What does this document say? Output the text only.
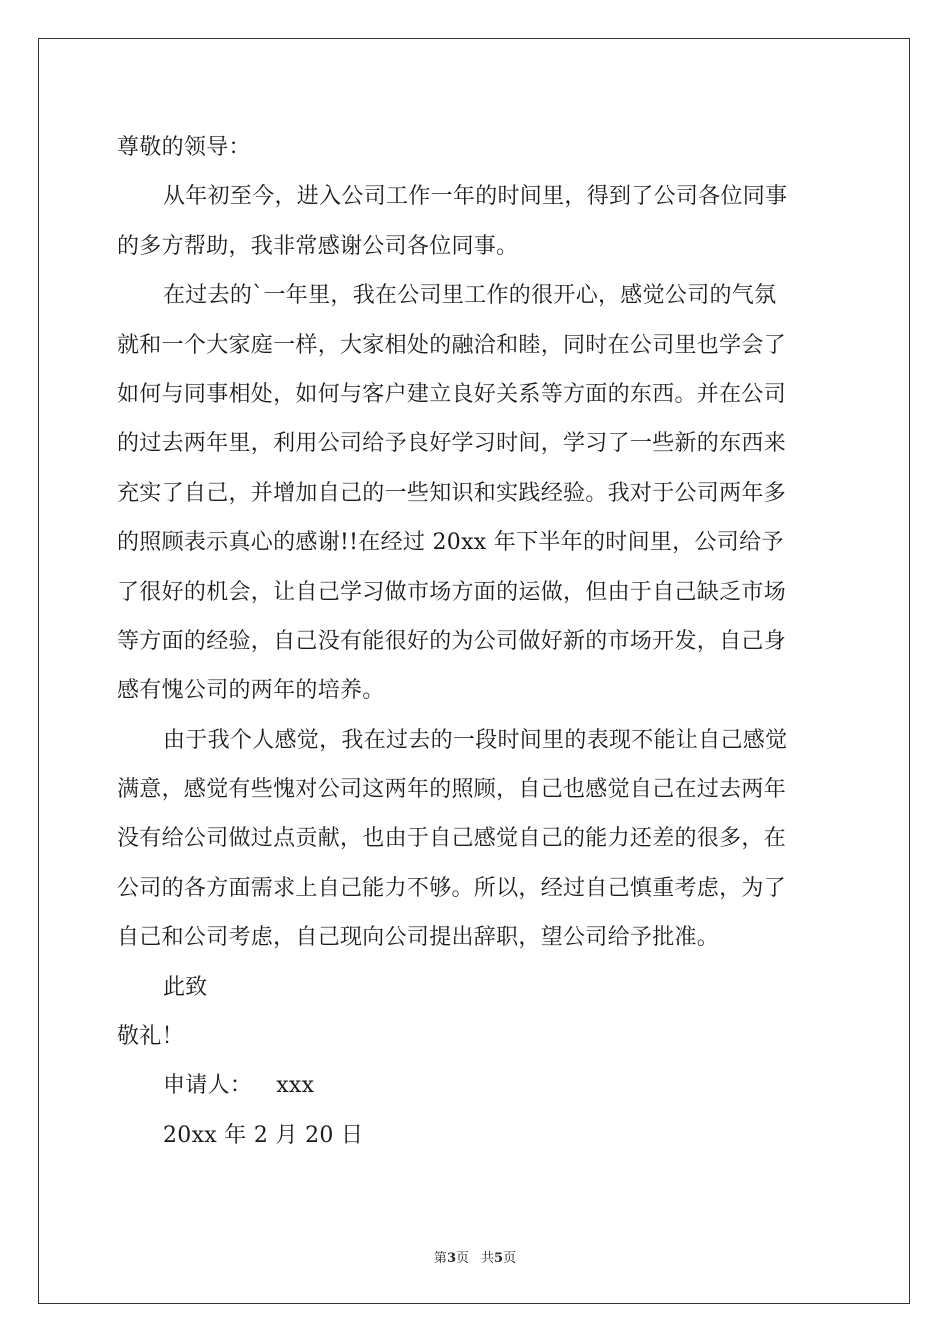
尊敬的领导：
从年初至今，进入公司工作一年的时间里，得到了公司各位同事
的多方帮助，我非常感谢公司各位同事。
在过去的`一年里，我在公司里工作的很开心，感觉公司的气氛
就和一个大家庭一样，大家相处的融洽和睦，同时在公司里也学会了
如何与同事相处，如何与客户建立良好关系等方面的东西。并在公司
的过去两年里，利用公司给予良好学习时间，学习了一些新的东西来
充实了自己，并增加自己的一些知识和实践经验。我对于公司两年多
的照顾表示真心的感谢!!在经过 20xx 年下半年的时间里，公司给予
了很好的机会，让自己学习做市场方面的运做，但由于自己缺乏市场
等方面的经验，自己没有能很好的为公司做好新的市场开发，自己身
感有愧公司的两年的培养。
由于我个人感觉，我在过去的一段时间里的表现不能让自己感觉
满意，感觉有些愧对公司这两年的照顾，自己也感觉自己在过去两年
没有给公司做过点贡献，也由于自己感觉自己的能力还差的很多，在
公司的各方面需求上自己能力不够。所以，经过自己慎重考虑，为了
自己和公司考虑，自己现向公司提出辞职，望公司给予批准。
此致
敬礼！
申请人： xxx
20xx 年 2 月 20 日
第3页 共5页
